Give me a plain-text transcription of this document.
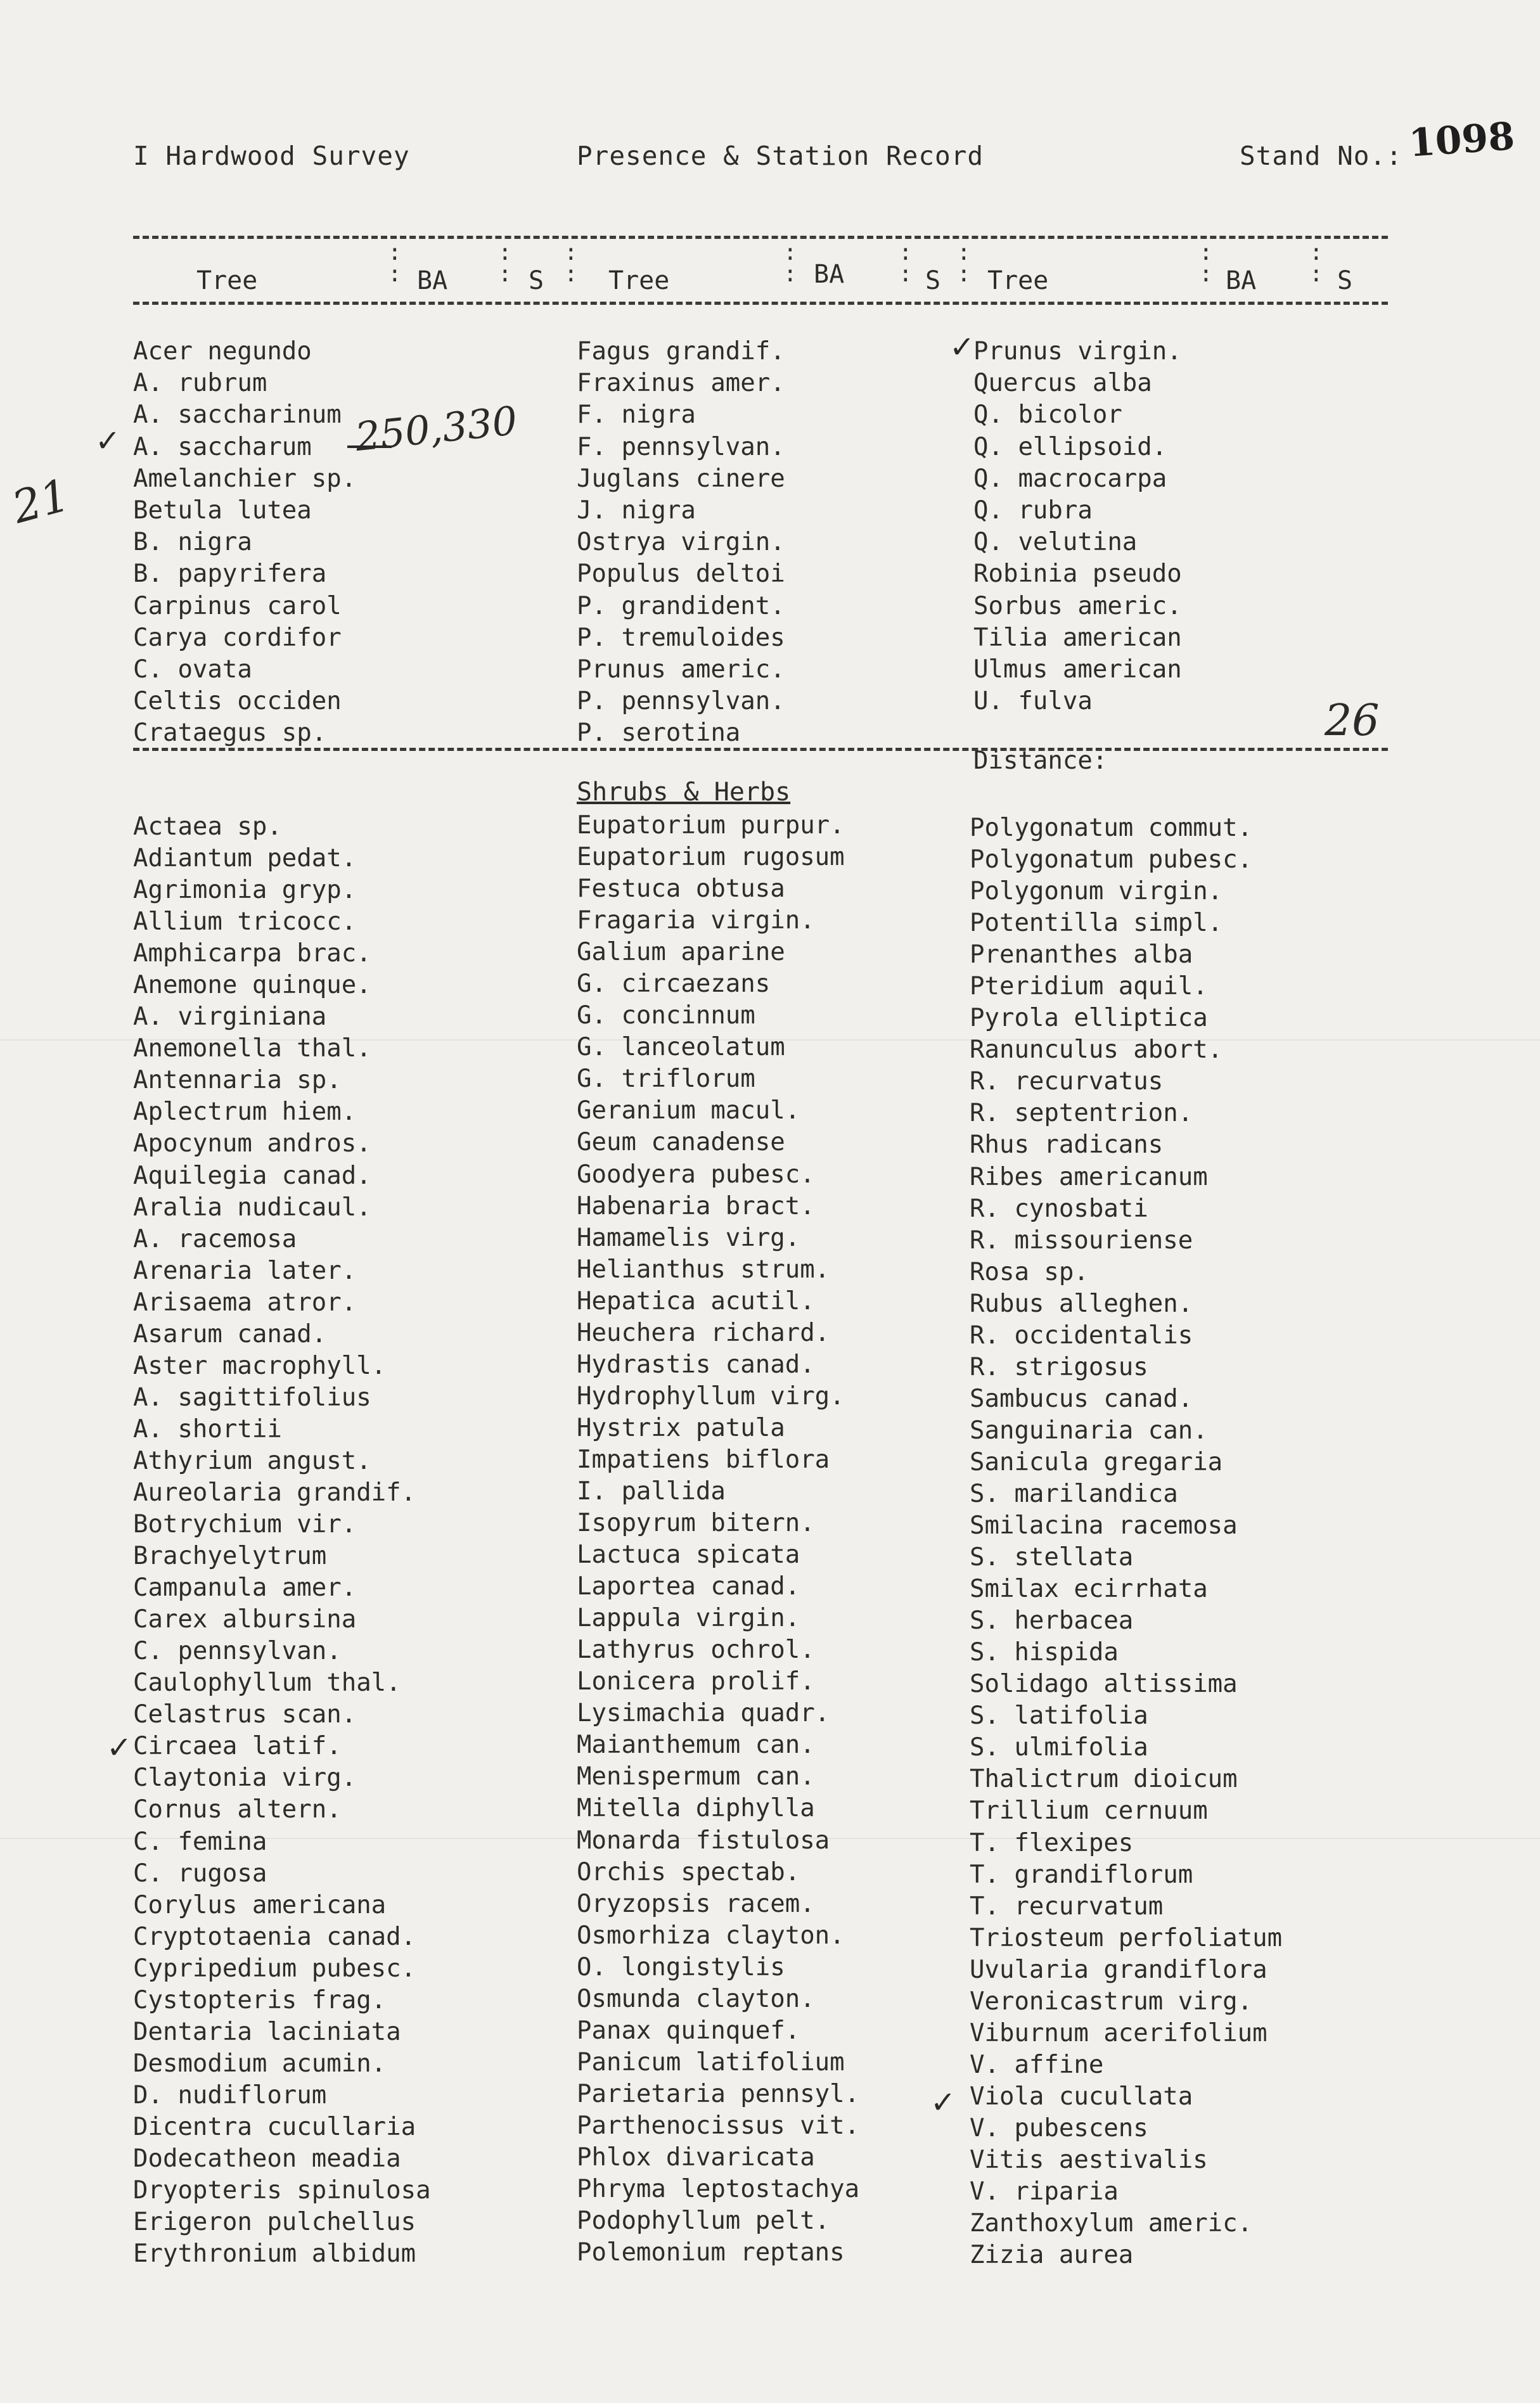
I Hardwood Survey	Presence & Station Record	Stand No.: 1098
:
:
:
:
:
:
:
:
:
:
:
:
:
:
:
:
Tree	BA	S	Tree	BA	S Tree	BA	S
Acer negundo
A. rubrum
A. saccharinum
A. saccharum
Amelanchier sp.
Betula lutea
B. nigra
B. papyrifera
Carpinus carol
Carya cordifor
C. ovata
Celtis occiden
Crataegus sp.
Fagus grandif.
Fraxinus amer.
F. nigra
F. pennsylvan.
Juglans cinere
J. nigra
Ostrya virgin.
Populus deltoi
P. grandident.
P. tremuloides
Prunus americ.
P. pennsylvan.
P. serotina
Prunus virgin.
Quercus alba
Q. bicolor
Q. ellipsoid.
Q. macrocarpa
Q. rubra
Q. velutina
Robinia pseudo
Sorbus americ.
Tilia american
Ulmus american
U. fulva
Distance:
Shrubs & Herbs
Actaea sp.
Adiantum pedat.
Agrimonia gryp.
Allium tricocc.
Amphicarpa brac.
Anemone quinque.
A. virginiana
Anemonella thal.
Antennaria sp.
Aplectrum hiem.
Apocynum andros.
Aquilegia canad.
Aralia nudicaul.
A. racemosa
Arenaria later.
Arisaema atror.
Asarum canad.
Aster macrophyll.
A. sagittifolius
A. shortii
Athyrium angust.
Aureolaria grandif.
Botrychium vir.
Brachyelytrum
Campanula amer.
Carex albursina
C. pennsylvan.
Caulophyllum thal.
Celastrus scan.
Circaea latif.
Claytonia virg.
Cornus altern.
C. femina
C. rugosa
Corylus americana
Cryptotaenia canad.
Cypripedium pubesc.
Cystopteris frag.
Dentaria laciniata
Desmodium acumin.
D. nudiflorum
Dicentra cucullaria
Dodecatheon meadia
Dryopteris spinulosa
Erigeron pulchellus
Erythronium albidum
Eupatorium purpur.
Eupatorium rugosum
Festuca obtusa
Fragaria virgin.
Galium aparine
G. circaezans
G. concinnum
G. lanceolatum
G. triflorum
Geranium macul.
Geum canadense
Goodyera pubesc.
Habenaria bract.
Hamamelis virg.
Helianthus strum.
Hepatica acutil.
Heuchera richard.
Hydrastis canad.
Hydrophyllum virg.
Hystrix patula
Impatiens biflora
I. pallida
Isopyrum bitern.
Lactuca spicata
Laportea canad.
Lappula virgin.
Lathyrus ochrol.
Lonicera prolif.
Lysimachia quadr.
Maianthemum can.
Menispermum can.
Mitella diphylla
Monarda fistulosa
Orchis spectab.
Oryzopsis racem.
Osmorhiza clayton.
O. longistylis
Osmunda clayton.
Panax quinquef.
Panicum latifolium
Parietaria pennsyl.
Parthenocissus vit.
Phlox divaricata
Phryma leptostachya
Podophyllum pelt.
Polemonium reptans
Polygonatum commut.
Polygonatum pubesc.
Polygonum virgin.
Potentilla simpl.
Prenanthes alba
Pteridium aquil.
Pyrola elliptica
Ranunculus abort.
R. recurvatus
R. septentrion.
Rhus radicans
Ribes americanum
R. cynosbati
R. missouriense
Rosa sp.
Rubus alleghen.
R. occidentalis
R. strigosus
Sambucus canad.
Sanguinaria can.
Sanicula gregaria
S. marilandica
Smilacina racemosa
S. stellata
Smilax ecirrhata
S. herbacea
S. hispida
Solidago altissima
S. latifolia
S. ulmifolia
Thalictrum dioicum
Trillium cernuum
T. flexipes
T. grandiflorum
T. recurvatum
Triosteum perfoliatum
Uvularia grandiflora
Veronicastrum virg.
Viburnum acerifolium
V. affine
Viola cucullata
V. pubescens
Vitis aestivalis
V. riparia
Zanthoxylum americ.
Zizia aurea
250,330
21
26
✓
✓
✓
✓
